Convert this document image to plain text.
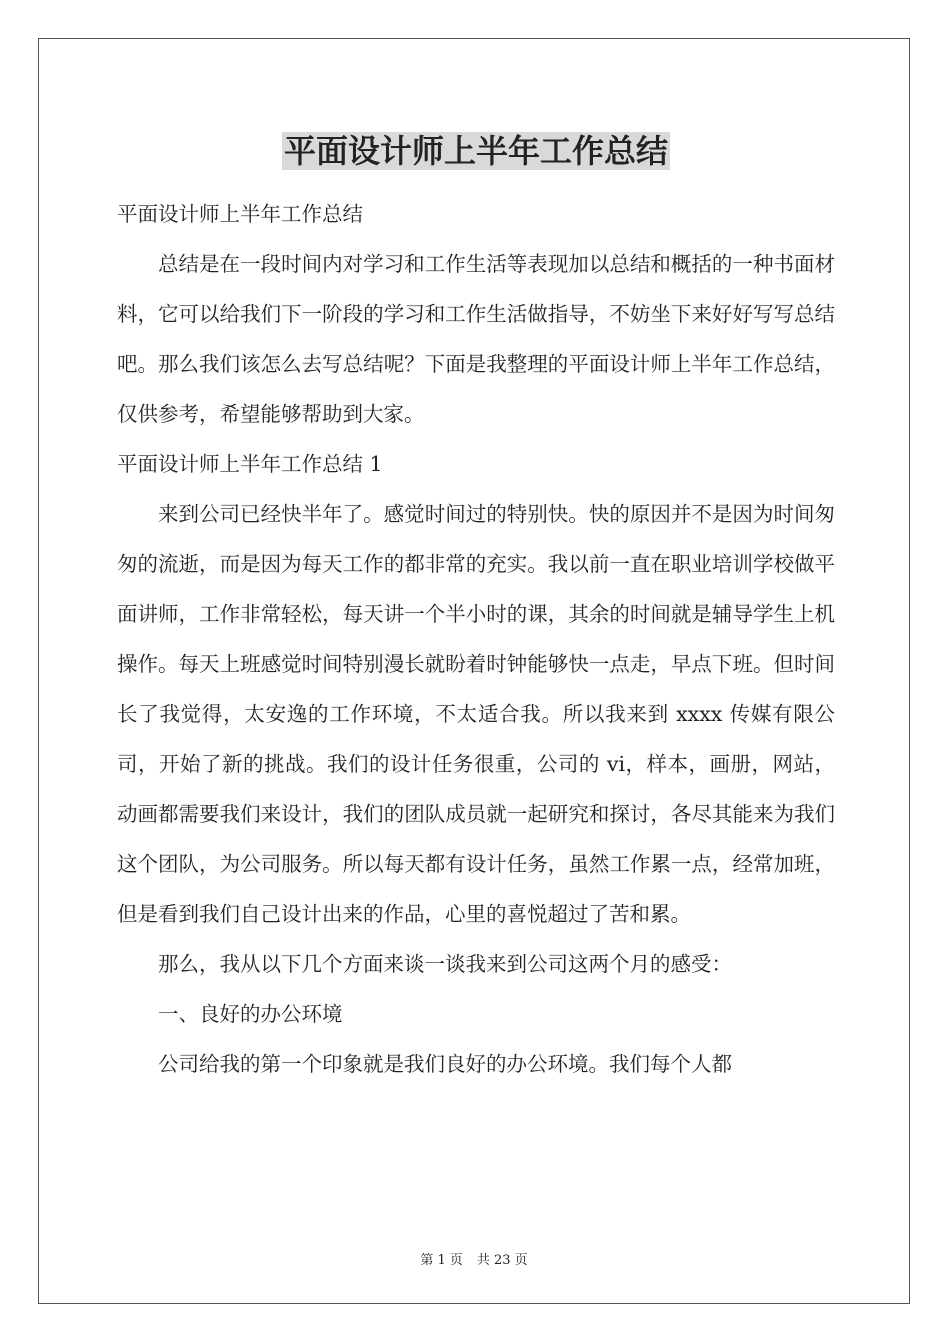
平面设计师上半年工作总结

平面设计师上半年工作总结

总结是在一段时间内对学习和工作生活等表现加以总结和概括的一种书面材料，它可以给我们下一阶段的学习和工作生活做指导，不妨坐下来好好写写总结吧。那么我们该怎么去写总结呢？下面是我整理的平面设计师上半年工作总结，仅供参考，希望能够帮助到大家。

平面设计师上半年工作总结 1

来到公司已经快半年了。感觉时间过的特别快。快的原因并不是因为时间匆匆的流逝，而是因为每天工作的都非常的充实。我以前一直在职业培训学校做平面讲师，工作非常轻松，每天讲一个半小时的课，其余的时间就是辅导学生上机操作。每天上班感觉时间特别漫长就盼着时钟能够快一点走，早点下班。但时间长了我觉得，太安逸的工作环境，不太适合我。所以我来到 xxxx 传媒有限公司，开始了新的挑战。我们的设计任务很重，公司的 vi，样本，画册，网站，动画都需要我们来设计，我们的团队成员就一起研究和探讨，各尽其能来为我们这个团队，为公司服务。所以每天都有设计任务，虽然工作累一点，经常加班，但是看到我们自己设计出来的作品，心里的喜悦超过了苦和累。

那么，我从以下几个方面来谈一谈我来到公司这两个月的感受：

一、良好的办公环境

公司给我的第一个印象就是我们良好的办公环境。我们每个人都

第 1 页 共 23 页
